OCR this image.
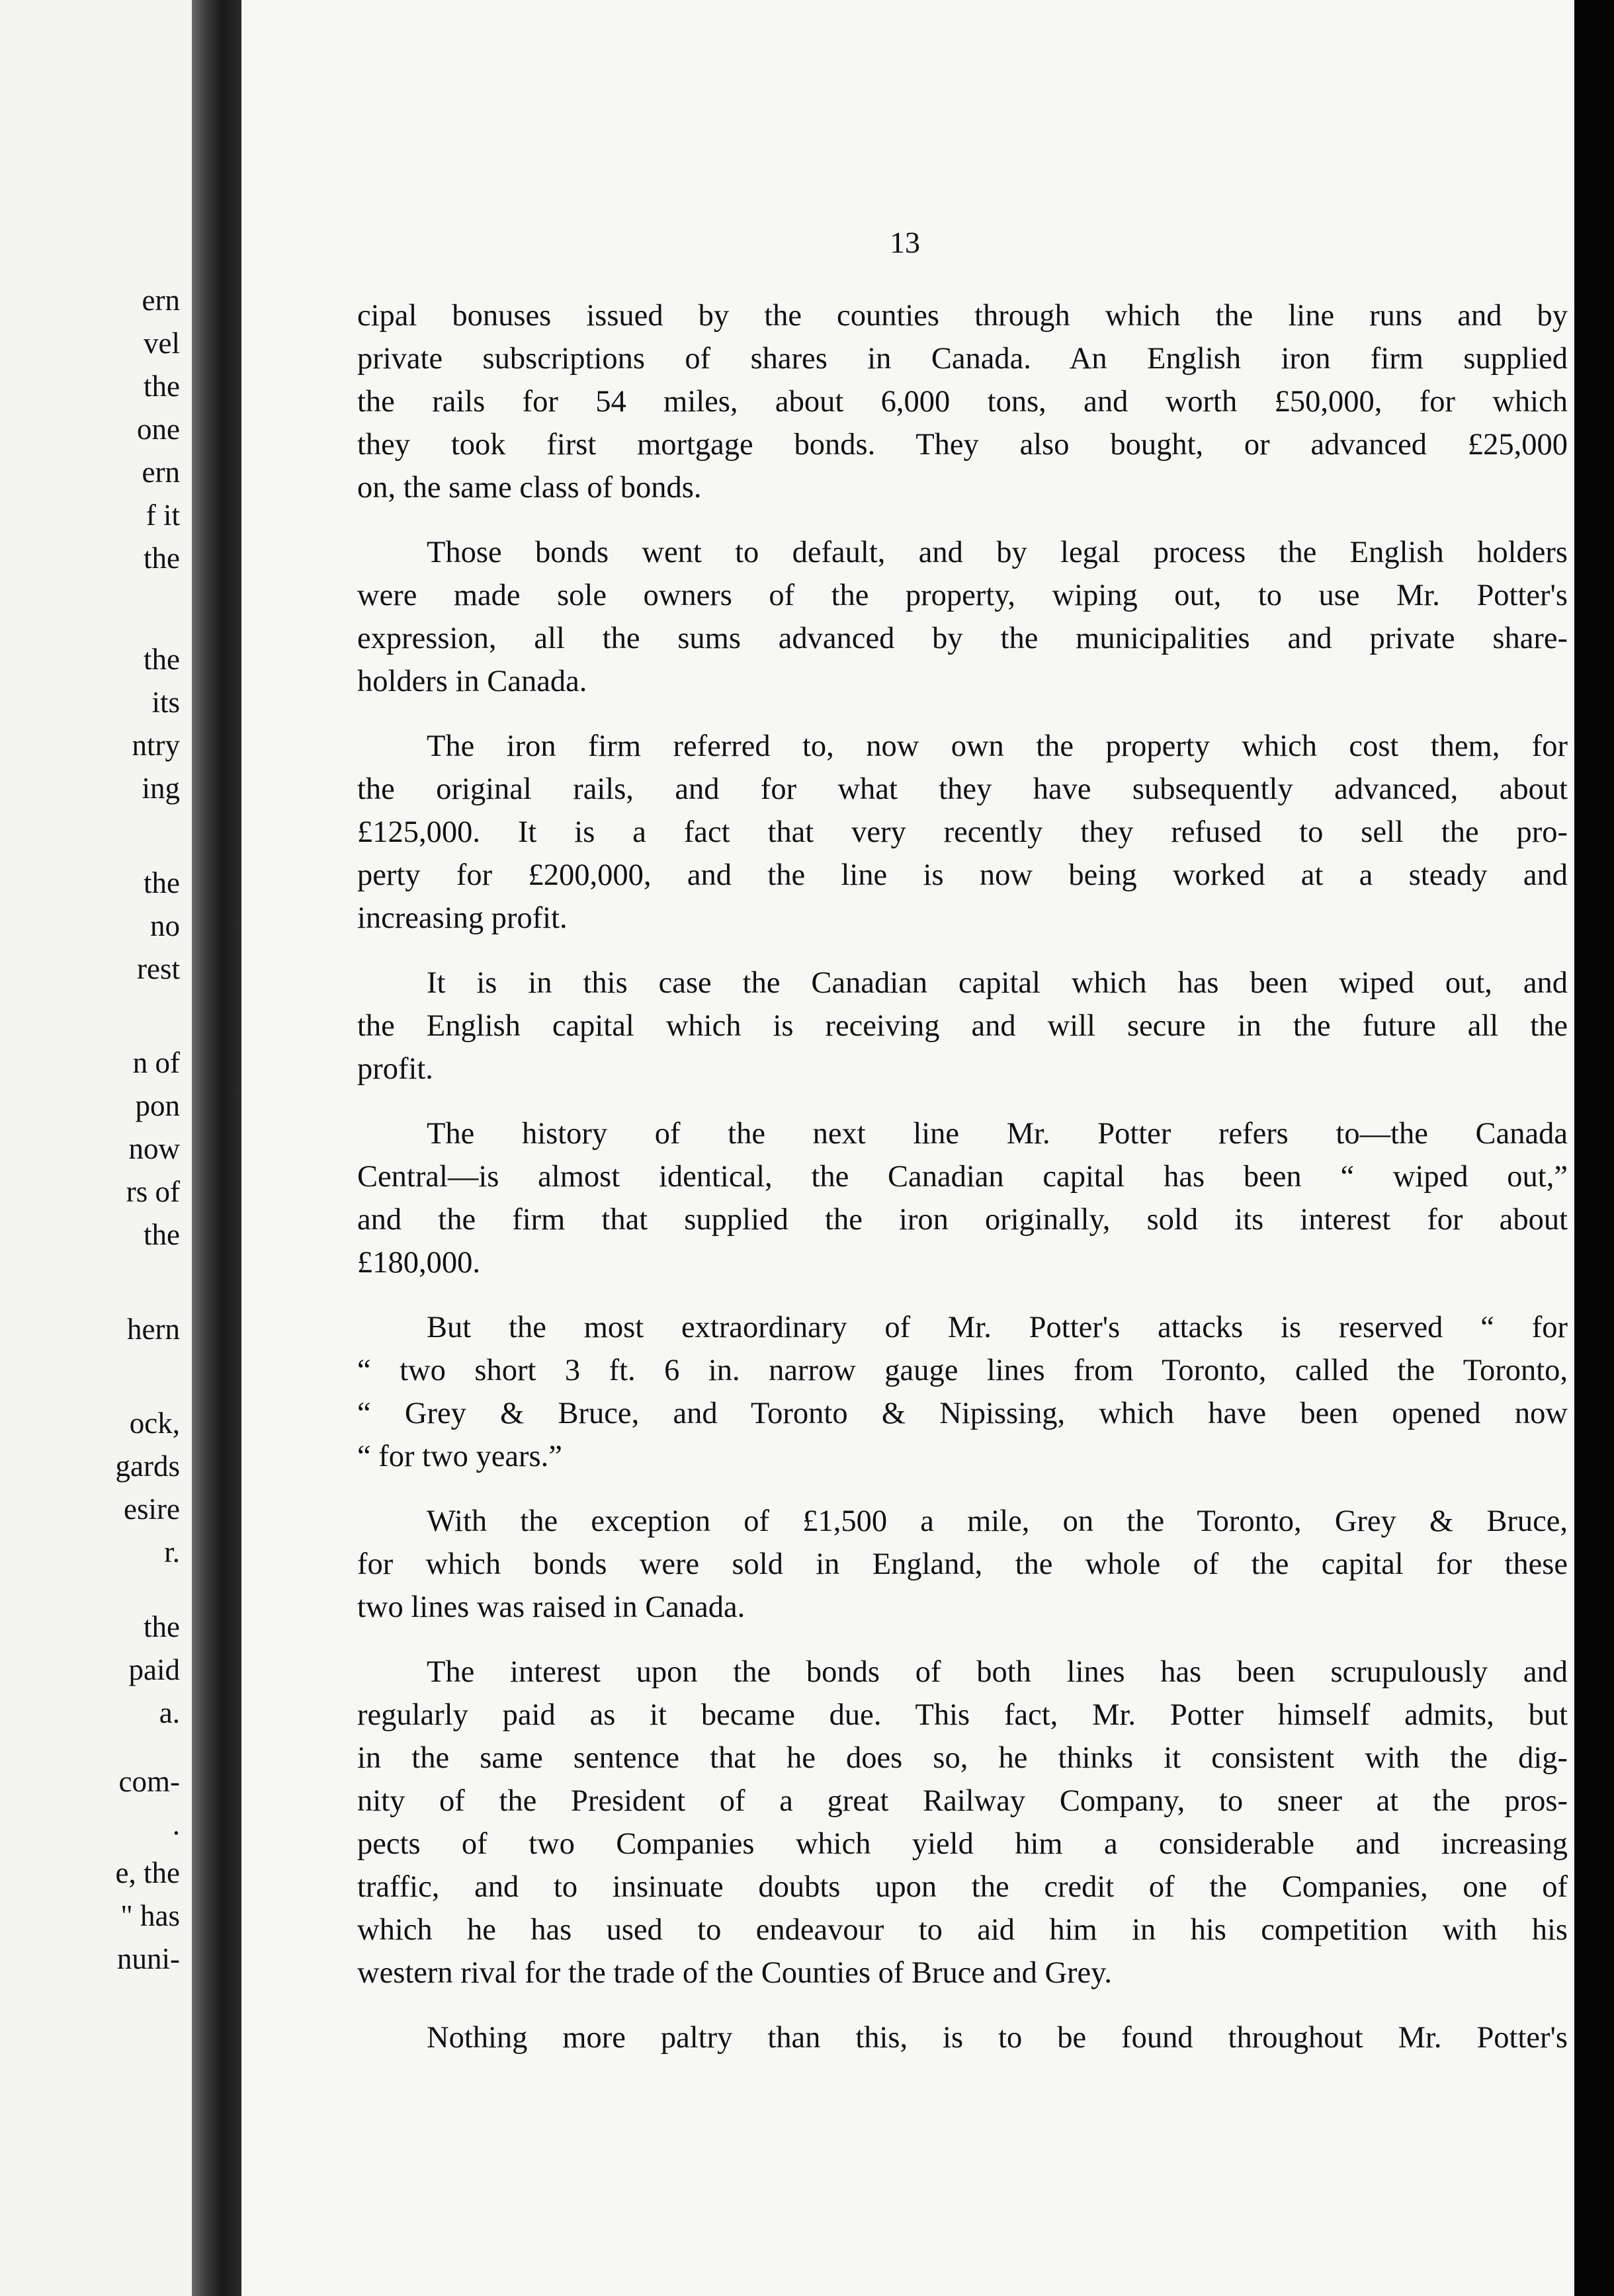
ern
vel
the
one
ern
f it
the
the
its
ntry
ing
the
no
rest
n of
pon
now
rs of
the
hern
ock,
gards
esire
r.
the
paid
a.
com-
.
e, the
" has
nuni-
13
cipal bonuses issued by the counties through which the line runs and by
private subscriptions of shares in Canada. An English iron firm supplied
the rails for 54 miles, about 6,000 tons, and worth £50,000, for which
they took first mortgage bonds. They also bought, or advanced £25,000
on, the same class of bonds.
Those bonds went to default, and by legal process the English holders
were made sole owners of the property, wiping out, to use Mr. Potter's
expression, all the sums advanced by the municipalities and private share-
holders in Canada.
The iron firm referred to, now own the property which cost them, for
the original rails, and for what they have subsequently advanced, about
£125,000. It is a fact that very recently they refused to sell the pro-
perty for £200,000, and the line is now being worked at a steady and
increasing profit.
It is in this case the Canadian capital which has been wiped out, and
the English capital which is receiving and will secure in the future all the
profit.
The history of the next line Mr. Potter refers to—the Canada
Central—is almost identical, the Canadian capital has been “ wiped out,”
and the firm that supplied the iron originally, sold its interest for about
£180,000.
But the most extraordinary of Mr. Potter's attacks is reserved “ for
“ two short 3 ft. 6 in. narrow gauge lines from Toronto, called the Toronto,
“ Grey & Bruce, and Toronto & Nipissing, which have been opened now
“ for two years.”
With the exception of £1,500 a mile, on the Toronto, Grey & Bruce,
for which bonds were sold in England, the whole of the capital for these
two lines was raised in Canada.
The interest upon the bonds of both lines has been scrupulously and
regularly paid as it became due. This fact, Mr. Potter himself admits, but
in the same sentence that he does so, he thinks it consistent with the dig-
nity of the President of a great Railway Company, to sneer at the pros-
pects of two Companies which yield him a considerable and increasing
traffic, and to insinuate doubts upon the credit of the Companies, one of
which he has used to endeavour to aid him in his competition with his
western rival for the trade of the Counties of Bruce and Grey.
Nothing more paltry than this, is to be found throughout Mr. Potter's
